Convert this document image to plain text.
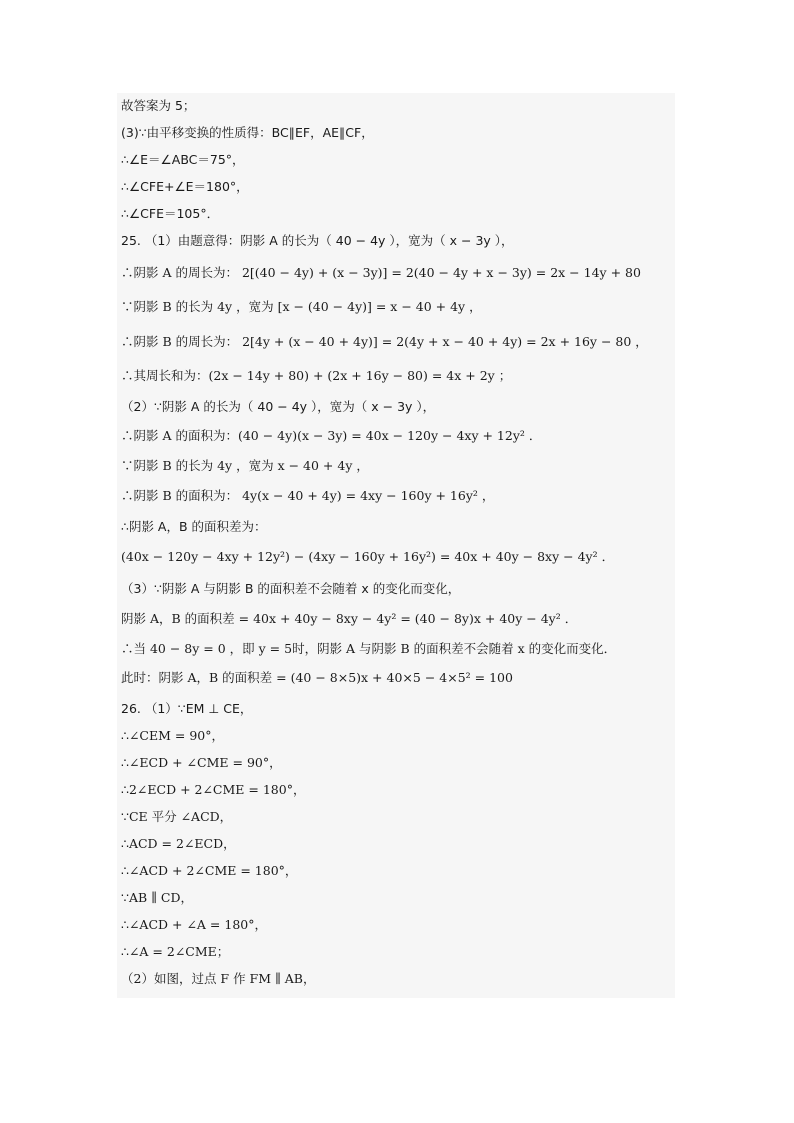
故答案为 5；
(3)∵由平移变换的性质得：BC∥EF，AE∥CF，
∴∠E＝∠ABC＝75°，
∴∠CFE+∠E＝180°，
∴∠CFE＝105°．
25. （1）由题意得：阴影 A 的长为（ 40 − 4y ），宽为（ x − 3y ），
∴阴影 A 的周长为： 2[(40 − 4y) + (x − 3y)] = 2(40 − 4y + x − 3y) = 2x − 14y + 80
∵阴影 B 的长为 4y ，宽为 [x − (40 − 4y)] = x − 40 + 4y ，
∴阴影 B 的周长为： 2[4y + (x − 40 + 4y)] = 2(4y + x − 40 + 4y) = 2x + 16y − 80 ，
∴其周长和为：(2x − 14y + 80) + (2x + 16y − 80) = 4x + 2y ；
（2）∵阴影 A 的长为（ 40 − 4y ），宽为（ x − 3y ），
∴阴影 A 的面积为：(40 − 4y)(x − 3y) = 40x − 120y − 4xy + 12y² ．
∵阴影 B 的长为 4y ，宽为 x − 40 + 4y ，
∴阴影 B 的面积为： 4y(x − 40 + 4y) = 4xy − 160y + 16y² ，
∴阴影 A，B 的面积差为：
(40x − 120y − 4xy + 12y²) − (4xy − 160y + 16y²) = 40x + 40y − 8xy − 4y² ．
（3）∵阴影 A 与阴影 B 的面积差不会随着 x 的变化而变化，
阴影 A，B 的面积差 = 40x + 40y − 8xy − 4y² = (40 − 8y)x + 40y − 4y² ．
∴当 40 − 8y = 0 ，即 y = 5时，阴影 A 与阴影 B 的面积差不会随着 x 的变化而变化．
此时：阴影 A，B 的面积差 = (40 − 8×5)x + 40×5 − 4×5² = 100
26. （1）∵EM ⊥ CE，
∴∠CEM = 90°，
∴∠ECD + ∠CME = 90°，
∴2∠ECD + 2∠CME = 180°，
∵CE 平分 ∠ACD，
∴ACD = 2∠ECD，
∴∠ACD + 2∠CME = 180°，
∵AB ∥ CD，
∴∠ACD + ∠A = 180°，
∴∠A = 2∠CME；
（2）如图，过点 F 作 FM ∥ AB，
